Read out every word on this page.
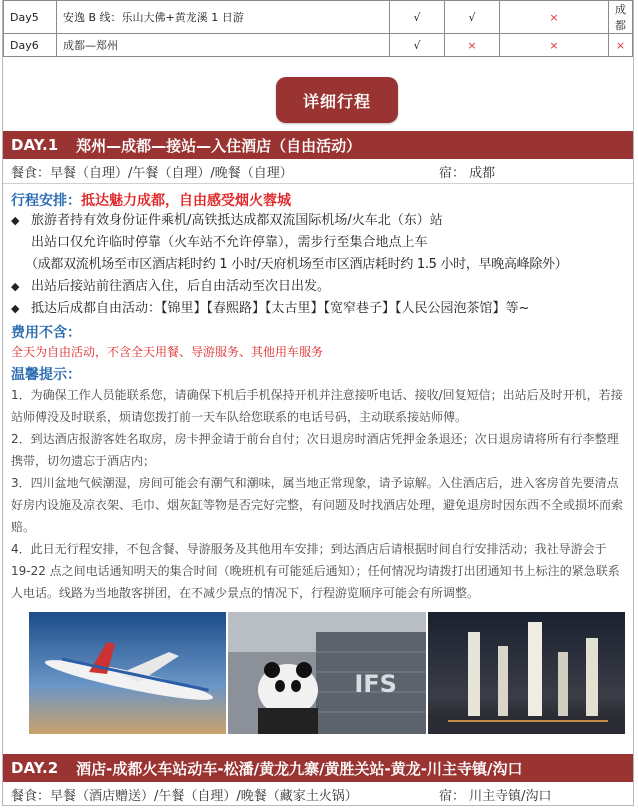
Day5	安逸 B 线：乐山大佛+黄龙溪 1 日游	√	√	×	成都
Day6	成都—郑州	√	×	×	×
详细行程
DAY.1 郑州—成都—接站—入住酒店（自由活动）
餐食：早餐（自理）/午餐（自理）/晚餐（自理）	宿： 成都
行程安排：抵达魅力成都，自由感受烟火蓉城
◆ 旅游者持有效身份证件乘机/高铁抵达成都双流国际机场/火车北（东）站
出站口仅允许临时停靠（火车站不允许停靠），需步行至集合地点上车
（成都双流机场至市区酒店耗时约 1 小时/天府机场至市区酒店耗时约 1.5 小时，早晚高峰除外）
◆ 出站后接站前往酒店入住，后自由活动至次日出发。
◆ 抵达后成都自由活动：【锦里】【春熙路】【太古里】【宽窄巷子】【人民公园泡茶馆】等~
费用不含：
全天为自由活动，不含全天用餐、导游服务、其他用车服务
温馨提示：

1．为确保工作人员能联系您，请确保下机后手机保持开机并注意接听电话、接收/回复短信；出站后及时开机，若接站师傅没及时联系，烦请您拨打前一天车队给您联系的电话号码，主动联系接站师傅。

2．到达酒店报游客姓名取房，房卡押金请于前台自付；次日退房时酒店凭押金条退还；次日退房请将所有行李整理携带，切勿遗忘于酒店内；

3．四川盆地气候潮湿，房间可能会有潮气和潮味，属当地正常现象，请予谅解。入住酒店后，进入客房首先要清点好房内设施及凉衣架、毛巾、烟灰缸等物是否完好完整，有问题及时找酒店处理，避免退房时因东西不全或损坏而索赔。

4．此日无行程安排，不包含餐、导游服务及其他用车安排；到达酒店后请根据时间自行安排活动；我社导游会于 19-22 点之间电话通知明天的集合时间（晚班机有可能延后通知）；任何情况均请拨打出团通知书上标注的紧急联系人电话。线路为当地散客拼团，在不减少景点的情况下，行程游览顺序可能会有所调整。

IFS
DAY.2 酒店-成都火车站动车-松潘/黄龙九寨/黄胜关站-黄龙-川主寺镇/沟口
餐食：早餐（酒店赠送）/午餐（自理）/晚餐（藏家土火锅）	宿： 川主寺镇/沟口
